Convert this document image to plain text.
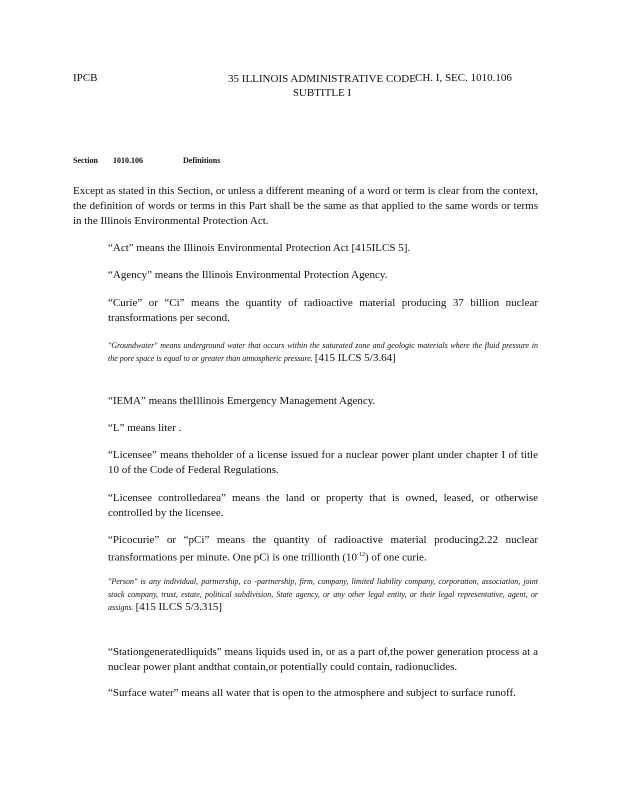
IPCB	35 ILLINOIS ADMINISTRATIVE CODE
SUBTITLE I
CH. I, SEC. 1010.106
Section 1010.106	Definitions
Except as stated in this Section, or unless a different meaning of a word or term is clear from the context, the definition of words or terms in this Part shall be the same as that applied to the same words or terms in the Illinois Environmental Protection Act.
“Act” means the Illinois Environmental Protection Act [415ILCS 5].
“Agency” means the Illinois Environmental Protection Agency.
“Curie” or “Ci” means the quantity of radioactive material producing 37 billion nuclear transformations per second.
"Groundwater" means underground water that occurs within the saturated zone and geologic materials where the fluid pressure in the pore space is equal to or greater than atmospheric pressure. [415 ILCS 5/3.64]
“IEMA” means theIllinois Emergency Management Agency.
“L” means liter .
“Licensee” means theholder of a license issued for a nuclear power plant under chapter I of title 10 of the Code of Federal Regulations.
“Licensee controlledarea” means the land or property that is owned, leased, or otherwise controlled by the licensee.
“Picocurie” or “pCi” means the quantity of radioactive material producing2.22 nuclear transformations per minute. One pCi is one trillionth $(10^{-12})$ of one curie.
"Person" is any individual, partnership, co -partnership, firm, company, limited liability company, corporation, association, joint stock company, trust, estate, political subdivision, State agency, or any other legal entity, or their legal representative, agent, or assigns. [415 ILCS 5/3.315]
“Stationgeneratedliquids” means liquids used in, or as a part of,the power generation process at a nuclear power plant andthat contain,or potentially could contain, radionuclides.
“Surface water” means all water that is open to the atmosphere and subject to surface runoff.
